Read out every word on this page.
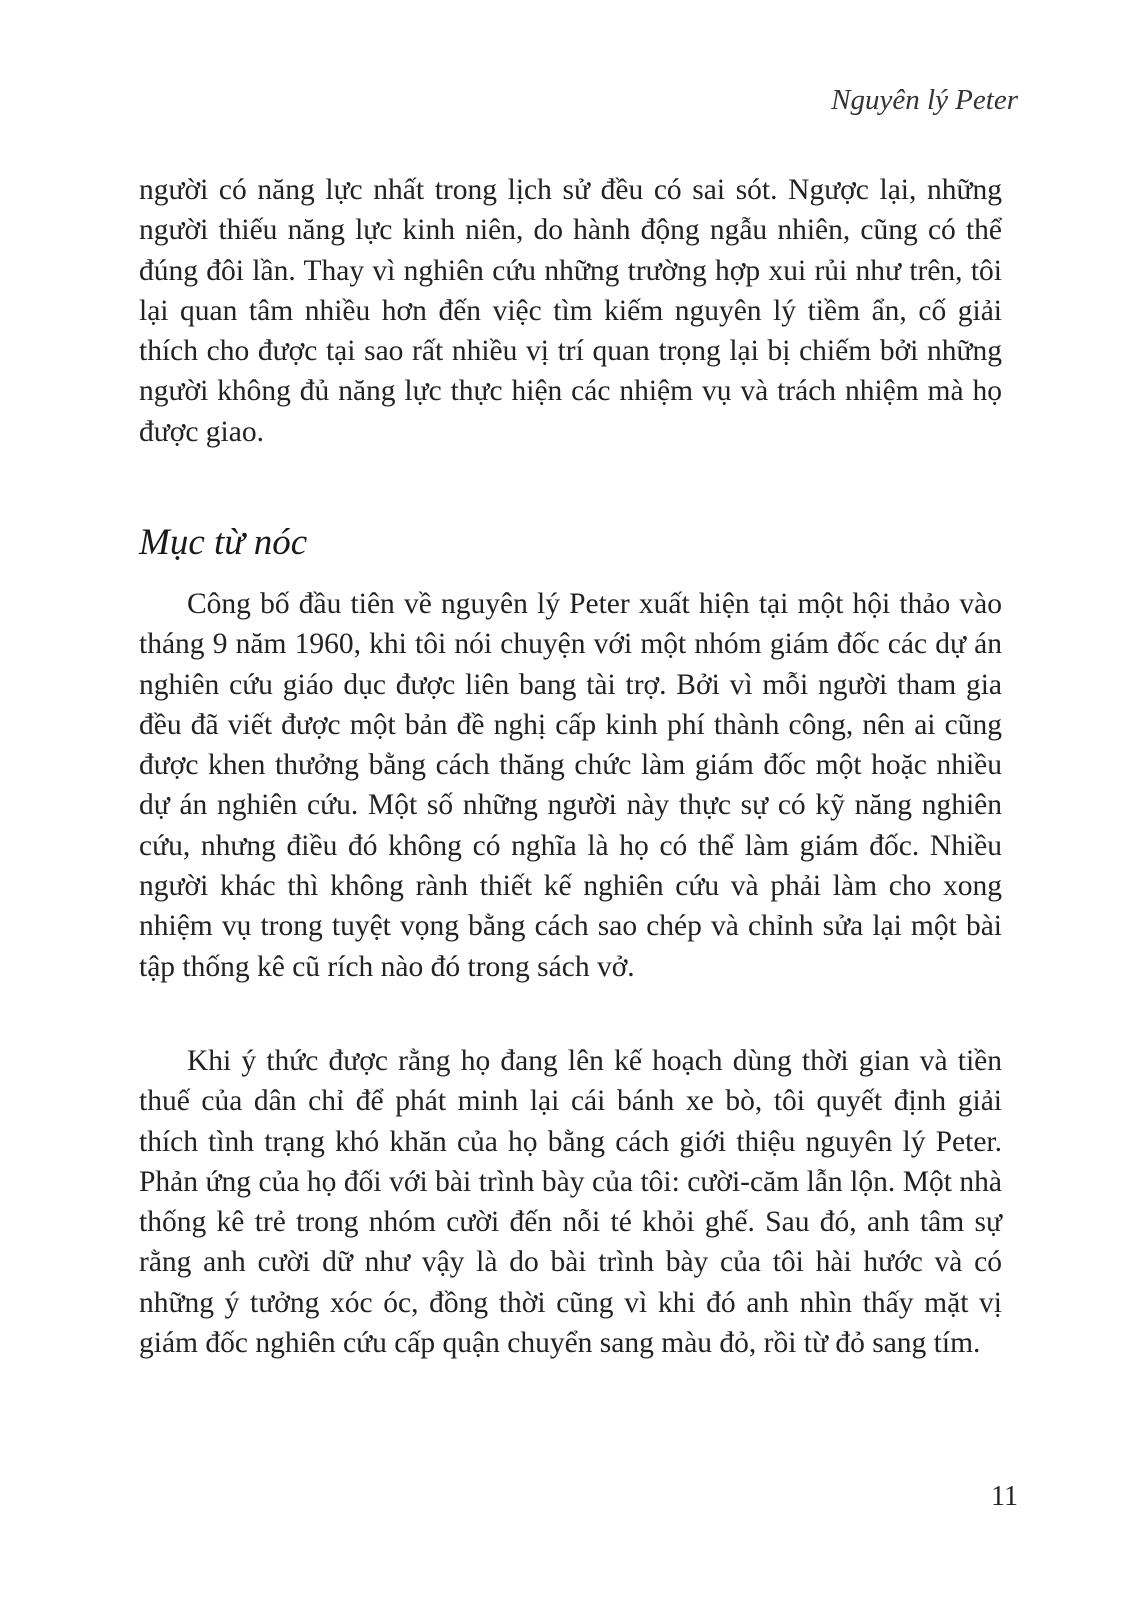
Nguyên lý Peter

người có năng lực nhất trong lịch sử đều có sai sót. Ngược lại, những người thiếu năng lực kinh niên, do hành động ngẫu nhiên, cũng có thể đúng đôi lần. Thay vì nghiên cứu những trường hợp xui rủi như trên, tôi lại quan tâm nhiều hơn đến việc tìm kiếm nguyên lý tiềm ẩn, cố giải thích cho được tại sao rất nhiều vị trí quan trọng lại bị chiếm bởi những người không đủ năng lực thực hiện các nhiệm vụ và trách nhiệm mà họ được giao.

Mục từ nóc

Công bố đầu tiên về nguyên lý Peter xuất hiện tại một hội thảo vào tháng 9 năm 1960, khi tôi nói chuyện với một nhóm giám đốc các dự án nghiên cứu giáo dục được liên bang tài trợ. Bởi vì mỗi người tham gia đều đã viết được một bản đề nghị cấp kinh phí thành công, nên ai cũng được khen thưởng bằng cách thăng chức làm giám đốc một hoặc nhiều dự án nghiên cứu. Một số những người này thực sự có kỹ năng nghiên cứu, nhưng điều đó không có nghĩa là họ có thể làm giám đốc. Nhiều người khác thì không rành thiết kế nghiên cứu và phải làm cho xong nhiệm vụ trong tuyệt vọng bằng cách sao chép và chỉnh sửa lại một bài tập thống kê cũ rích nào đó trong sách vở.

Khi ý thức được rằng họ đang lên kế hoạch dùng thời gian và tiền thuế của dân chỉ để phát minh lại cái bánh xe bò, tôi quyết định giải thích tình trạng khó khăn của họ bằng cách giới thiệu nguyên lý Peter. Phản ứng của họ đối với bài trình bày của tôi: cười-căm lẫn lộn. Một nhà thống kê trẻ trong nhóm cười đến nỗi té khỏi ghế. Sau đó, anh tâm sự rằng anh cười dữ như vậy là do bài trình bày của tôi hài hước và có những ý tưởng xóc óc, đồng thời cũng vì khi đó anh nhìn thấy mặt vị giám đốc nghiên cứu cấp quận chuyển sang màu đỏ, rồi từ đỏ sang tím.

11
